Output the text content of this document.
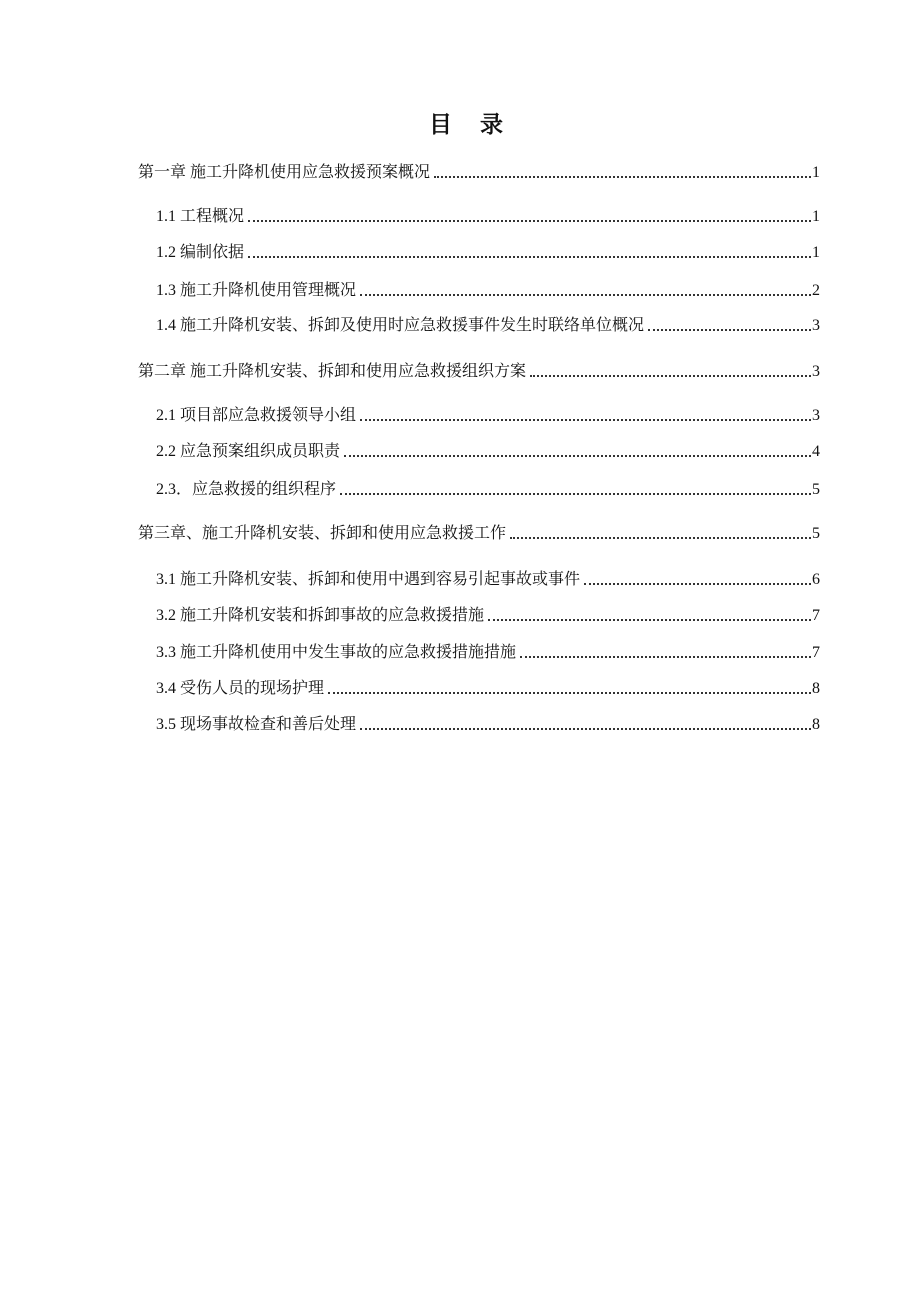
目录
第一章 施工升降机使用应急救援预案概况	1
1.1 工程概况	1
1.2 编制依据	1
1.3 施工升降机使用管理概况	2
1.4 施工升降机安装、拆卸及使用时应急救援事件发生时联络单位概况	3
第二章 施工升降机安装、拆卸和使用应急救援组织方案	3
2.1 项目部应急救援领导小组	3
2.2 应急预案组织成员职责	4
2.3．应急救援的组织程序	5
第三章、施工升降机安装、拆卸和使用应急救援工作	5
3.1 施工升降机安装、拆卸和使用中遇到容易引起事故或事件	6
3.2 施工升降机安装和拆卸事故的应急救援措施	7
3.3 施工升降机使用中发生事故的应急救援措施措施	7
3.4 受伤人员的现场护理	8
3.5 现场事故检查和善后处理	8
